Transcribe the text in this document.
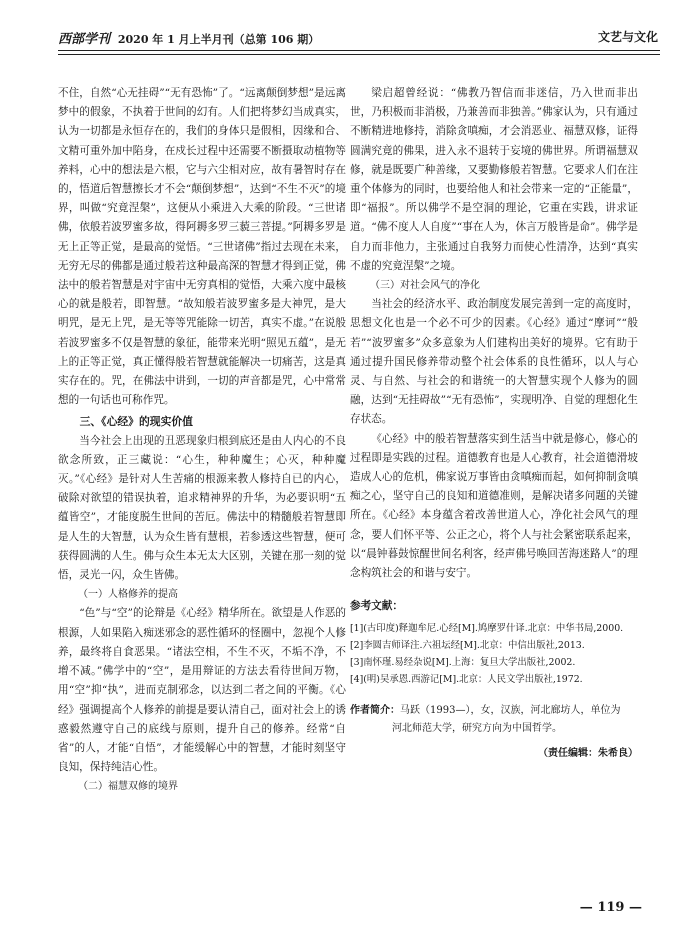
西部学刊 2020 年 1 月上半月刊（总第 106 期）	文艺与文化

不住，自然“心无挂碍”“无有恐怖”了。“远离颠倒梦想”是远离梦中的假象，不执着于世间的幻有。人们把将梦幻当成真实，认为一切都是永恒存在的，我们的身体只是假相，因缘和合、文精可重外加中陷身，在戍长过程中还需要不断摄取动植物等养料，心中的想法是六根，它与六尘相对应，故有暑智时存在的，悟道后智慧擦长才不会“颠倒梦想”，达到“不生不灭”的境界，叫做“究竟涅槃”，这便从小乘进入大乘的阶段。“三世诸佛，依般若波罗蜜多故，得阿耨多罗三藐三菩提。”阿耨多罗是无上正等正觉，是最高的觉悟。“三世诸佛”指过去现在未来，无穷无尽的佛都是通过般若这种最高深的智慧才得到正觉，佛法中的般若智慧是对宇宙中无穷真相的觉悟，大乘六度中最核心的就是般若，即智慧。“故知般若波罗蜜多是大神咒，是大明咒，是无上咒，是无等等咒能除一切苦，真实不虚。”在说般若波罗蜜多不仅是智慧的象征，能带来光明“照见五蕴”，是无上的正等正觉，真正懂得般若智慧就能解决一切痛苦，这是真实存在的。咒，在佛法中讲到，一切的声音都是咒，心中常常想的一句话也可称作咒。

三、《心经》的现实价值

当今社会上出现的丑恶现象归根到底还是由人内心的不良欲念所致，正三藏说：“心生，种种魔生；心灭，种种魔灭。”《心经》是针对人生苦痛的根源来教人修持自已的内心，破除对欲望的错误执着，追求精神界的升华，为必要识明“五蕴皆空”，才能度脱生世间的苦厄。佛法中的精髓般若智慧即是人生的大智慧，认为众生皆有慧根，若参透这些智慧，便可获得圆满的人生。佛与众生本无太大区别，关键在那一刻的觉悟，灵光一闪，众生皆佛。

（一）人格修养的提高

“色”与“空”的论辩是《心经》精华所在。欲望是人作恶的根源，人如果陷入痴迷邪念的恶性循环的怪圈中，忽视个人修养，最终将自食恶果。“诸法空相，不生不灭，不垢不净，不增不减。”佛学中的“空”，是用辩证的方法去看待世间万物，用“空”抑“执”，进而克制邪念，以达到二者之间的平衡。《心经》强调提高个人修养的前提是要认清自己，面对社会上的诱惑毅然遵守自己的底线与原则，提升自己的修养。经常“自省”的人，才能“自悟”，才能缓解心中的智慧，才能时刻坚守良知，保持纯洁心性。

（二）福慧双修的境界

梁启超曾经说：“佛教乃智信而非迷信，乃入世而非出世，乃积极而非消极，乃兼善而非独善。”佛家认为，只有通过不断精进地修持，消除贪嗔痴，才会消恶业、福慧双修，证得圆满究竟的佛果，进入永不退转于妄境的佛世界。所谓福慧双修，就是既要广种善缘，又要勤修般若智慧。它要求人们在注重个体修为的同时，也要给他人和社会带来一定的“正能量”，即“福报”。所以佛学不是空洞的理论，它重在实践，讲求证道。“佛不度人人自度”“事在人为，休言万般皆是命”。佛学是自力而非他力，主张通过自我努力而使心性清净，达到“真实不虚的究竟涅槃”之境。

（三）对社会风气的净化

当社会的经济水平、政治制度发展完善到一定的高度时，思想文化也是一个必不可少的因素。《心经》通过“摩诃”“般若”“波罗蜜多”众多意象为人们建构出美好的境界。它有助于通过提升国民修养带动整个社会体系的良性循环，以人与心灵、与自然、与社会的和谐统一的大智慧实现个人修为的圆融，达到“无挂碍故”“无有恐怖”，实现明净、自觉的理想化生存状态。

《心经》中的般若智慧落实到生活当中就是修心，修心的过程即是实践的过程。道德教育也是人心教育，社会道德滑坡造成人心的危机，佛家说万事皆由贪嗔痴而起，如何抑制贪嗔痴之心，坚守自己的良知和道德准则，是解决诸多问题的关键所在。《心经》本身蕴含着改善世道人心，净化社会风气的理念，要人们怀平等、公正之心，将个人与社会紧密联系起来，以“晨钟暮鼓惊醒世间名利客，经声佛号唤回苦海迷路人”的理念构筑社会的和谐与安宁。

参考文献：
[1](古印度)释迦牟尼.心经[M].鸠摩罗什译.北京：中华书局,2000.
[2]李圆吉师译注.六祖坛经[M].北京：中信出版社,2013.
[3]南怀瑾.易经杂说[M].上海：复旦大学出版社,2002.
[4](明)吴承恩.西游记[M].北京：人民文学出版社,1972.
作者简介：马跃（1993—），女，汉族，河北廊坊人，单位为
河北师范大学，研究方向为中国哲学。
（责任编辑：朱希良）
— 119 —
